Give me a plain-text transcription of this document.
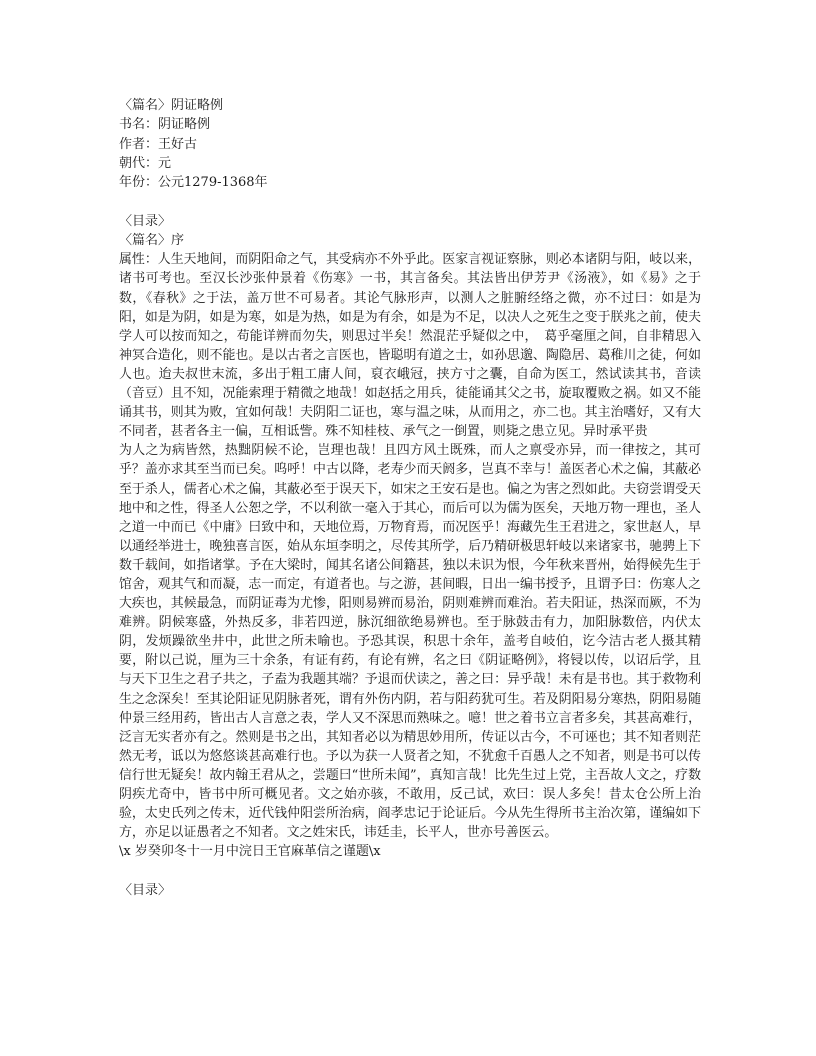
〈篇名〉阴证略例
书名：阴证略例
作者：王好古
朝代：元
年份：公元1279-1368年
〈目录〉
〈篇名〉序
属性：人生天地间，而阴阳命之气，其受病亦不外乎此。医家言视证察脉，则必本诸阴与阳，岐以来，诸书可考也。至汉长沙张仲景着《伤寒》一书，其言备矣。其法皆出伊芳尹《汤液》，如《易》之于数，《春秋》之于法，盖万世不可易者。其论气脉形声，以测人之脏腑经络之微，亦不过曰：如是为阳，如是为阴，如是为寒，如是为热，如是为有余，如是为不足，以决人之死生之变于朕兆之前，使夫学人可以按而知之，苟能详辨而勿失，则思过半矣！然混茫乎疑似之中，　葛乎毫厘之间，自非精思入神冥合造化，则不能也。是以古者之言医也，皆聪明有道之士，如孙思邈、陶隐居、葛稚川之徒，何如人也。迨夫叔世末流，多出于粗工庸人间，裒衣峨冠，挟方寸之囊，自命为医工，然试读其书，音读（音豆）且不知，况能索理于精微之地哉！如赵括之用兵，徒能诵其父之书，旋取覆败之祸。如又不能诵其书，则其为败，宜如何哉！夫阴阳二证也，寒与温之味，从而用之，亦二也。其主治嗜好，又有大不同者，甚者各主一偏，互相诋訾。殊不知桂枝、承气之一倒置，则毙之患立见。异时承平贵
为人之为病皆然，热黜阴候不论，岂理也哉！且四方风土既殊，而人之禀受亦异，而一律按之，其可乎？盖亦求其至当而已矣。呜呼！中古以降，老寿少而天阏多，岂真不幸与！盖医者心术之偏，其蔽必至于杀人，儒者心术之偏，其蔽必至于误天下，如宋之王安石是也。偏之为害之烈如此。夫窃尝谓受天地中和之性，得圣人公恕之学，不以利欲一毫入于其心，而后可以为儒为医矣，天地万物一理也，圣人之道一中而已《中庸》曰致中和，天地位焉，万物育焉，而况医乎！海藏先生王君进之，家世赵人，早以通经举进士，晚独喜言医，始从东垣李明之，尽传其所学，后乃精研极思轩岐以来诸家书，驰骋上下数千载间，如指诸掌。予在大梁时，闻其名诸公间籍甚，独以未识为恨，今年秋来晋州，始得候先生于馆舍，观其气和而凝，志一而定，有道者也。与之游，甚间暇，日出一编书授予，且谓予曰：伤寒人之大疾也，其候最急，而阴证毒为尤惨，阳则易辨而易治，阴则难辨而难治。若夫阳证，热深而厥，不为难辨。阴候寒盛，外热反多，非若四逆，脉沉细欲绝易辨也。至于脉鼓击有力，加阳脉数倍，内伏太阴，发烦躁欲坐井中，此世之所未喻也。予恐其误，积思十余年，盖考自岐伯，讫今洁古老人摄其精要，附以己说，厘为三十余条，有证有药，有论有辨，名之曰《阴证略例》，将锓以传，以诏后学，且与天下卫生之君子共之，子盍为我题其端？予退而伏读之，善之曰：异乎哉！未有是书也。其于救物利生之念深矣！至其论阳证见阴脉者死，谓有外伤内阴，若与阳药犹可生。若及阴阳易分寒热，阴阳易随仲景三经用药，皆出古人言意之表，学人又不深思而熟味之。噫！世之着书立言者多矣，其甚高难行，泛言无实者亦有之。然则是书之出，其知者必以为精思妙用所，传证以古今，不可诬也；其不知者则茫然无考，诋以为悠悠谈甚高难行也。予以为获一人贤者之知，不犹愈千百愚人之不知者，则是书可以传信行世无疑矣！故内翰王君从之，尝题曰“世所未闻”，真知言哉！比先生过上党，主吾故人文之，疗数阴疾尤奇中，皆书中所可概见者。文之始亦骇，不敢用，反己试，欢曰：误人多矣！昔太仓公所上治验，太史氏列之传末，近代钱仲阳尝所治病，阎孝忠记于论证后。今从先生得所书主治次第，谨编如下方，亦足以证愚者之不知者。文之姓宋氏，讳廷圭，长平人，世亦号善医云。
\x 岁癸卯冬十一月中浣日王官麻革信之谨题\x
〈目录〉
